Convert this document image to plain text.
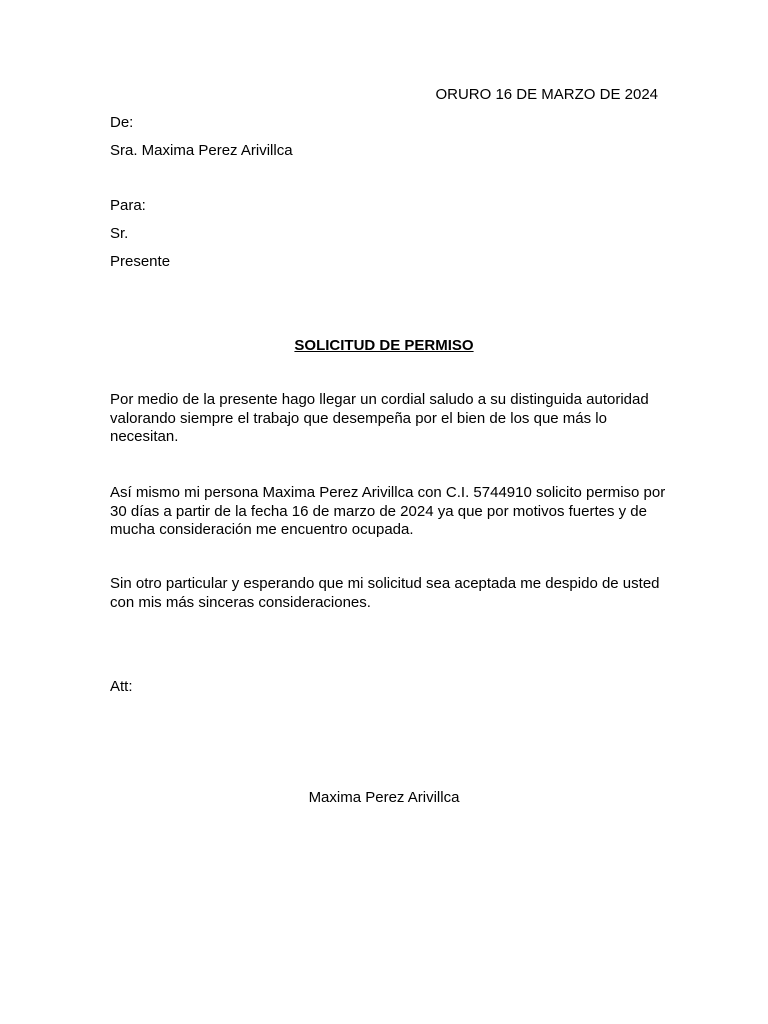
ORURO 16 DE MARZO DE 2024

De:

Sra. Maxima Perez Arivillca

Para:

Sr.

Presente

SOLICITUD DE PERMISO

Por medio de la presente hago llegar un cordial saludo a su distinguida autoridad valorando siempre el trabajo que desempeña por el bien de los que más lo necesitan.

Así mismo mi persona Maxima Perez Arivillca con C.I. 5744910 solicito permiso por 30 días a partir de la fecha 16 de marzo de 2024 ya que por motivos fuertes y de mucha consideración me encuentro ocupada.

Sin otro particular y esperando que mi solicitud sea aceptada me despido de usted con mis más sinceras consideraciones.

Att:

Maxima Perez Arivillca
